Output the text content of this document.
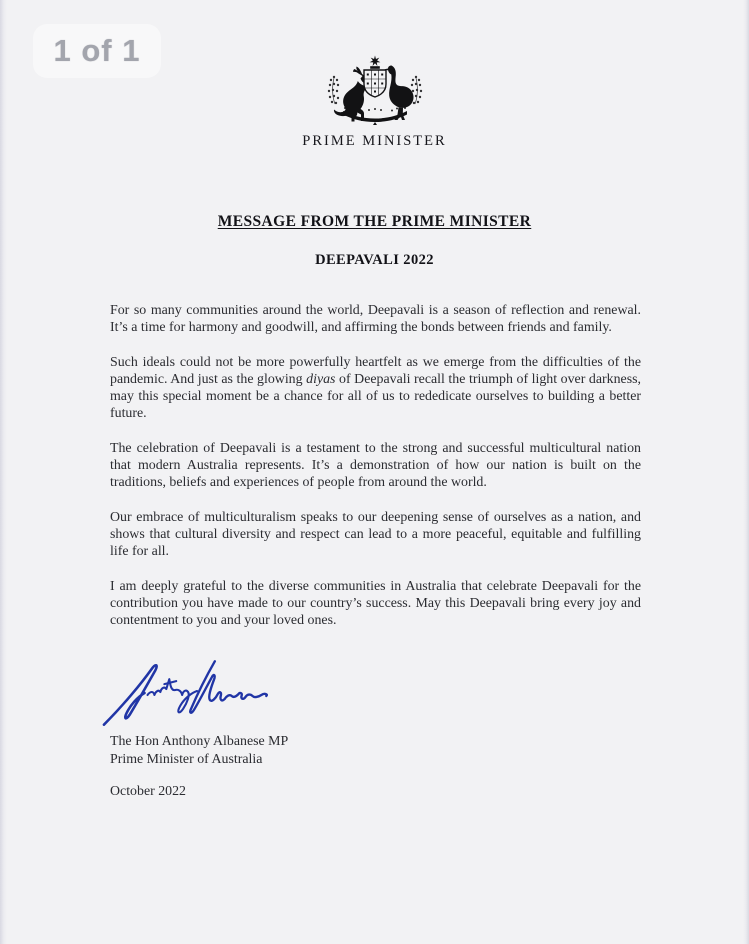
1 of 1
PRIME MINISTER
MESSAGE FROM THE PRIME MINISTER
DEEPAVALI 2022

For so many communities around the world, Deepavali is a season of reflection and renewal. It’s a time for harmony and goodwill, and affirming the bonds between friends and family.

Such ideals could not be more powerfully heartfelt as we emerge from the difficulties of the pandemic. And just as the glowing diyas of Deepavali recall the triumph of light over darkness, may this special moment be a chance for all of us to rededicate ourselves to building a better future.

The celebration of Deepavali is a testament to the strong and successful multicultural nation that modern Australia represents. It’s a demonstration of how our nation is built on the traditions, beliefs and experiences of people from around the world.

Our embrace of multiculturalism speaks to our deepening sense of ourselves as a nation, and shows that cultural diversity and respect can lead to a more peaceful, equitable and fulfilling life for all.

I am deeply grateful to the diverse communities in Australia that celebrate Deepavali for the contribution you have made to our country’s success. May this Deepavali bring every joy and contentment to you and your loved ones.

The Hon Anthony Albanese MP
Prime Minister of Australia
October 2022
